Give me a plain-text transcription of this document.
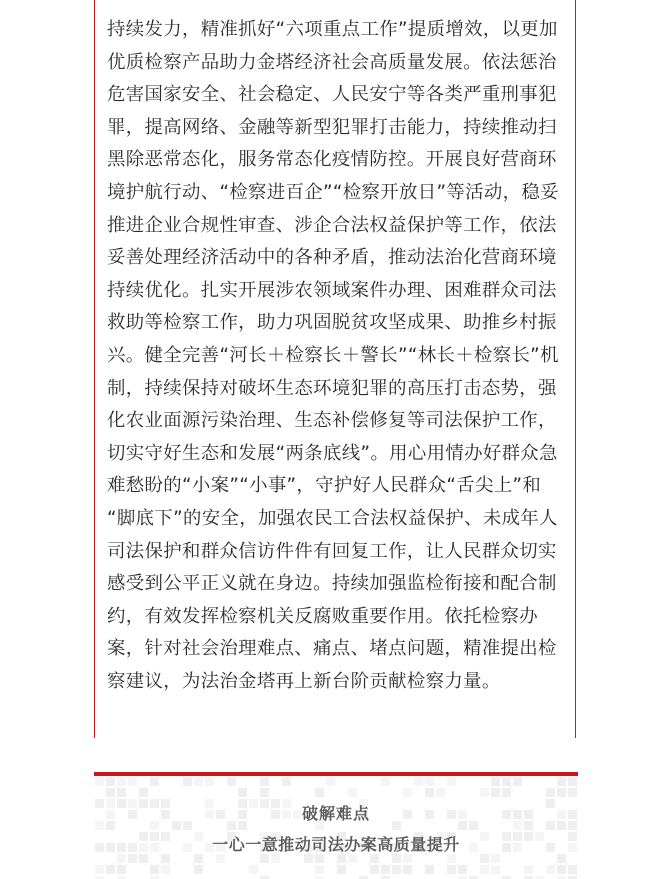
持续发力，精准抓好“六项重点工作”提质增效，以更加
优质检察产品助力金塔经济社会高质量发展。依法惩治
危害国家安全、社会稳定、人民安宁等各类严重刑事犯
罪，提高网络、金融等新型犯罪打击能力，持续推动扫
黑除恶常态化，服务常态化疫情防控。开展良好营商环
境护航行动、“检察进百企”“检察开放日”等活动，稳妥
推进企业合规性审查、涉企合法权益保护等工作，依法
妥善处理经济活动中的各种矛盾，推动法治化营商环境
持续优化。扎实开展涉农领域案件办理、困难群众司法
救助等检察工作，助力巩固脱贫攻坚成果、助推乡村振
兴。健全完善“河长＋检察长＋警长”“林长＋检察长”机
制，持续保持对破坏生态环境犯罪的高压打击态势，强
化农业面源污染治理、生态补偿修复等司法保护工作，
切实守好生态和发展“两条底线”。用心用情办好群众急
难愁盼的“小案”“小事”，守护好人民群众“舌尖上”和
“脚底下”的安全，加强农民工合法权益保护、未成年人
司法保护和群众信访件件有回复工作，让人民群众切实
感受到公平正义就在身边。持续加强监检衔接和配合制
约，有效发挥检察机关反腐败重要作用。依托检察办
案，针对社会治理难点、痛点、堵点问题，精准提出检
察建议，为法治金塔再上新台阶贡献检察力量。
破解难点
一心一意推动司法办案高质量提升
